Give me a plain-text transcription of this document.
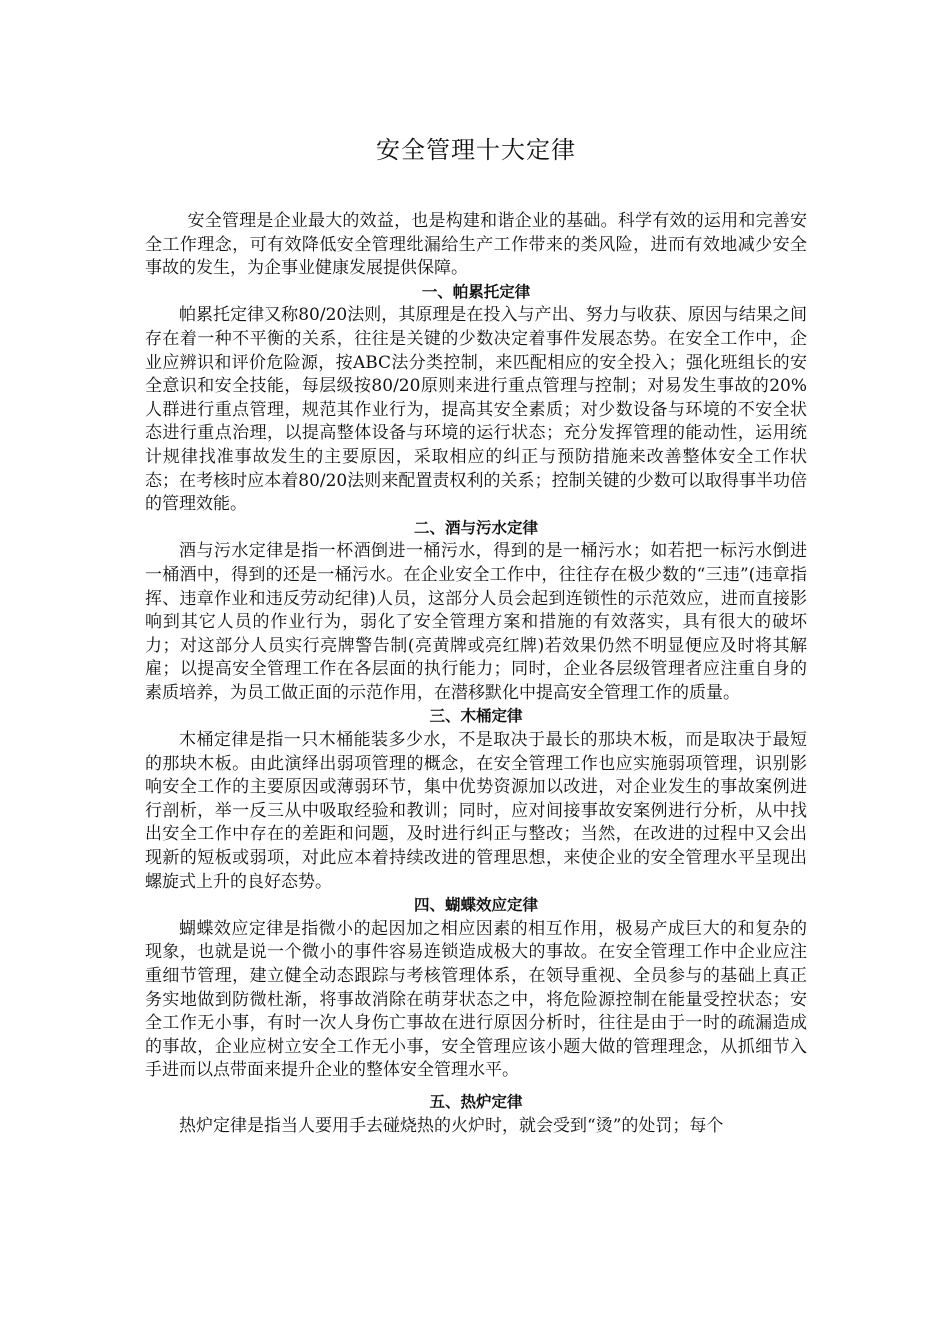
安全管理十大定律

安全管理是企业最大的效益，也是构建和谐企业的基础。科学有效的运用和完善安全工作理念，可有效降低安全管理纰漏给生产工作带来的类风险，进而有效地减少安全事故的发生，为企事业健康发展提供保障。

一、帕累托定律

帕累托定律又称80/20法则，其原理是在投入与产出、努力与收获、原因与结果之间存在着一种不平衡的关系，往往是关键的少数决定着事件发展态势。在安全工作中，企业应辨识和评价危险源，按ABC法分类控制，来匹配相应的安全投入；强化班组长的安全意识和安全技能，每层级按80/20原则来进行重点管理与控制；对易发生事故的20%人群进行重点管理，规范其作业行为，提高其安全素质；对少数设备与环境的不安全状态进行重点治理，以提高整体设备与环境的运行状态；充分发挥管理的能动性，运用统计规律找准事故发生的主要原因，采取相应的纠正与预防措施来改善整体安全工作状态；在考核时应本着80/20法则来配置责权利的关系；控制关键的少数可以取得事半功倍的管理效能。

二、酒与污水定律

酒与污水定律是指一杯酒倒进一桶污水，得到的是一桶污水；如若把一标污水倒进一桶酒中，得到的还是一桶污水。在企业安全工作中，往往存在极少数的“三违”(违章指挥、违章作业和违反劳动纪律)人员，这部分人员会起到连锁性的示范效应，进而直接影响到其它人员的作业行为，弱化了安全管理方案和措施的有效落实，具有很大的破坏力；对这部分人员实行亮牌警告制(亮黄牌或亮红牌)若效果仍然不明显便应及时将其解雇；以提高安全管理工作在各层面的执行能力；同时，企业各层级管理者应注重自身的素质培养，为员工做正面的示范作用，在潜移默化中提高安全管理工作的质量。

三、木桶定律

木桶定律是指一只木桶能装多少水，不是取决于最长的那块木板，而是取决于最短的那块木板。由此演绎出弱项管理的概念，在安全管理工作也应实施弱项管理，识别影响安全工作的主要原因或薄弱环节，集中优势资源加以改进，对企业发生的事故案例进行剖析，举一反三从中吸取经验和教训；同时，应对间接事故安案例进行分析，从中找出安全工作中存在的差距和问题，及时进行纠正与整改；当然，在改进的过程中又会出现新的短板或弱项，对此应本着持续改进的管理思想，来使企业的安全管理水平呈现出螺旋式上升的良好态势。

四、蝴蝶效应定律

蝴蝶效应定律是指微小的起因加之相应因素的相互作用，极易产成巨大的和复杂的现象，也就是说一个微小的事件容易连锁造成极大的事故。在安全管理工作中企业应注重细节管理，建立健全动态跟踪与考核管理体系，在领导重视、全员参与的基础上真正务实地做到防微杜渐，将事故消除在萌芽状态之中，将危险源控制在能量受控状态；安全工作无小事，有时一次人身伤亡事故在进行原因分析时，往往是由于一时的疏漏造成的事故，企业应树立安全工作无小事，安全管理应该小题大做的管理理念，从抓细节入手进而以点带面来提升企业的整体安全管理水平。

五、热炉定律

热炉定律是指当人要用手去碰烧热的火炉时，就会受到“烫”的处罚；每个
